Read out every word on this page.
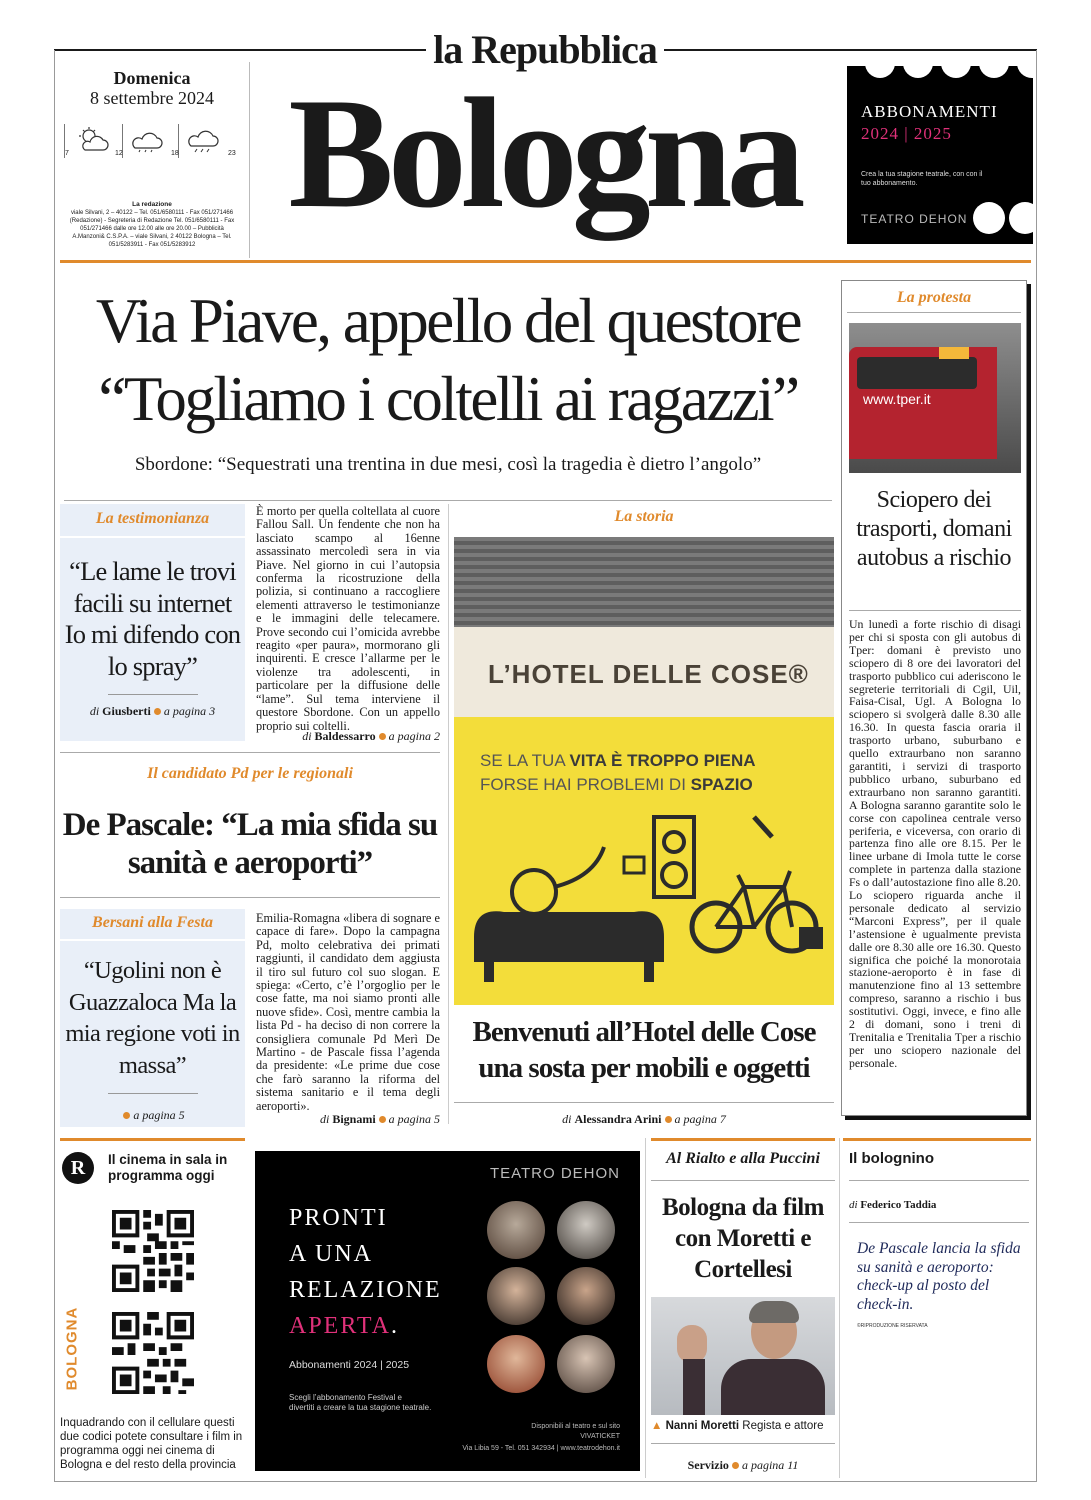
la Repubblica
Domenica
8 settembre 2024
7	12	18	23
La redazione
viale Silvani, 2 – 40122 – Tel. 051/6580111 - Fax 051/271466 (Redazione) - Segreteria di Redazione Tel. 051/6580111 - Fax 051/271466 dalle ore 12.00 alle ore 20.00 – Pubblicità A.Manzoni& C.S.P.A. – viale Silvani, 2 40122 Bologna – Tel. 051/5283911 - Fax 051/5283912
Bologna	ABBONAMENTI
2024 | 2025
Crea la tua stagione teatrale, con con il tuo abbonamento.
TEATRO DEHON
Via Piave, appello del questore
“Togliamo i coltelli ai ragazzi”
Sbordone: “Sequestrati una trentina in due mesi, così la tragedia è dietro l’angolo”
La testimonianza
“Le lame le trovi facili su internet Io mi difendo con lo spray”
di Giusberti a pagina 3
È morto per quella coltellata al cuore Fallou Sall. Un fendente che non ha lasciato scampo al 16enne assassinato mercoledì sera in via Piave. Nel giorno in cui l’autopsia conferma la ricostruzione della polizia, si continuano a raccogliere elementi attraverso le testimonianze e le immagini delle telecamere. Prove secondo cui l’omicida avrebbe reagito «per paura», mormorano gli inquirenti. E cresce l’allarme per le violenze tra adolescenti, in particolare per la diffusione delle “lame”. Sul tema interviene il questore Sbordone. Con un appello proprio sui coltelli.
di Baldessarro a pagina 2
Il candidato Pd per le regionali
De Pascale: “La mia sfida su sanità e aeroporti”
Bersani alla Festa
“Ugolini non è Guazzaloca Ma la mia regione voti in massa”
a pagina 5
Emilia-Romagna «libera di sognare e capace di fare». Dopo la campagna Pd, molto celebrativa dei primati raggiunti, il candidato dem aggiusta il tiro sul futuro col suo slogan. E spiega: «Certo, c’è l’orgoglio per le cose fatte, ma noi siamo pronti alle nuove sfide». Così, mentre cambia la lista Pd - ha deciso di non correre la consigliera comunale Pd Merì De Martino - de Pascale fissa l’agenda da presidente: «Le prime due cose che farò saranno la riforma del sistema sanitario e il tema degli aeroporti».
di Bignami a pagina 5
La storia
L’HOTEL DELLE COSE®
SE LA TUA VITA È TROPPO PIENA
FORSE HAI PROBLEMI DI SPAZIO
Benvenuti all’Hotel delle Cose una sosta per mobili e oggetti
di Alessandra Arini a pagina 7
La protesta
www.tper.it
Sciopero dei trasporti, domani autobus a rischio
Un lunedì a forte rischio di disagi per chi si sposta con gli autobus di Tper: domani è previsto uno sciopero di 8 ore dei lavoratori del trasporto pubblico cui aderiscono le segreterie territoriali di Cgil, Uil, Faisa-Cisal, Ugl. A Bologna lo sciopero si svolgerà dalle 8.30 alle 16.30. In questa fascia oraria il trasporto urbano, suburbano e quello extraurbano non saranno garantiti, i servizi di trasporto pubblico urbano, suburbano ed extraurbano non saranno garantiti. A Bologna saranno garantite solo le corse con capolinea centrale verso periferia, e viceversa, con orario di partenza fino alle ore 8.15. Per le linee urbane di Imola tutte le corse complete in partenza dalla stazione Fs o dall’autostazione fino alle 8.20. Lo sciopero riguarda anche il personale dedicato al servizio “Marconi Express”, per il quale l’astensione è ugualmente prevista dalle ore 8.30 alle ore 16.30. Questo significa che poiché la monorotaia stazione-aeroporto è in fase di manutenzione fino al 13 settembre compreso, saranno a rischio i bus sostitutivi. Oggi, invece, e fino alle 2 di domani, sono i treni di Trenitalia e Trenitalia Tper a rischio per uno sciopero nazionale del personale.
R	Il cinema in sala in programma oggi
BOLOGNA
Inquadrando con il cellulare questi due codici potete consultare i film in programma oggi nei cinema di Bologna e del resto della provincia
TEATRO DEHON
PRONTI
A UNA
RELAZIONE
APERTA.
Abbonamenti 2024 | 2025
Scegli l’abbonamento Festival e
divertiti a creare la tua stagione teatrale.
Disponibili al teatro e sul sito
VIVATICKET
Via Libia 59 - Tel. 051 342934 | www.teatrodehon.it
Al Rialto e alla Puccini
Bologna da film con Moretti e Cortellesi
▲ Nanni Moretti Regista e attore
Servizio a pagina 11
Il bolognino
di Federico Taddia
De Pascale lancia la sfida su sanità e aeroporto: check-up al posto del check-in.
©RIPRODUZIONE RISERVATA
